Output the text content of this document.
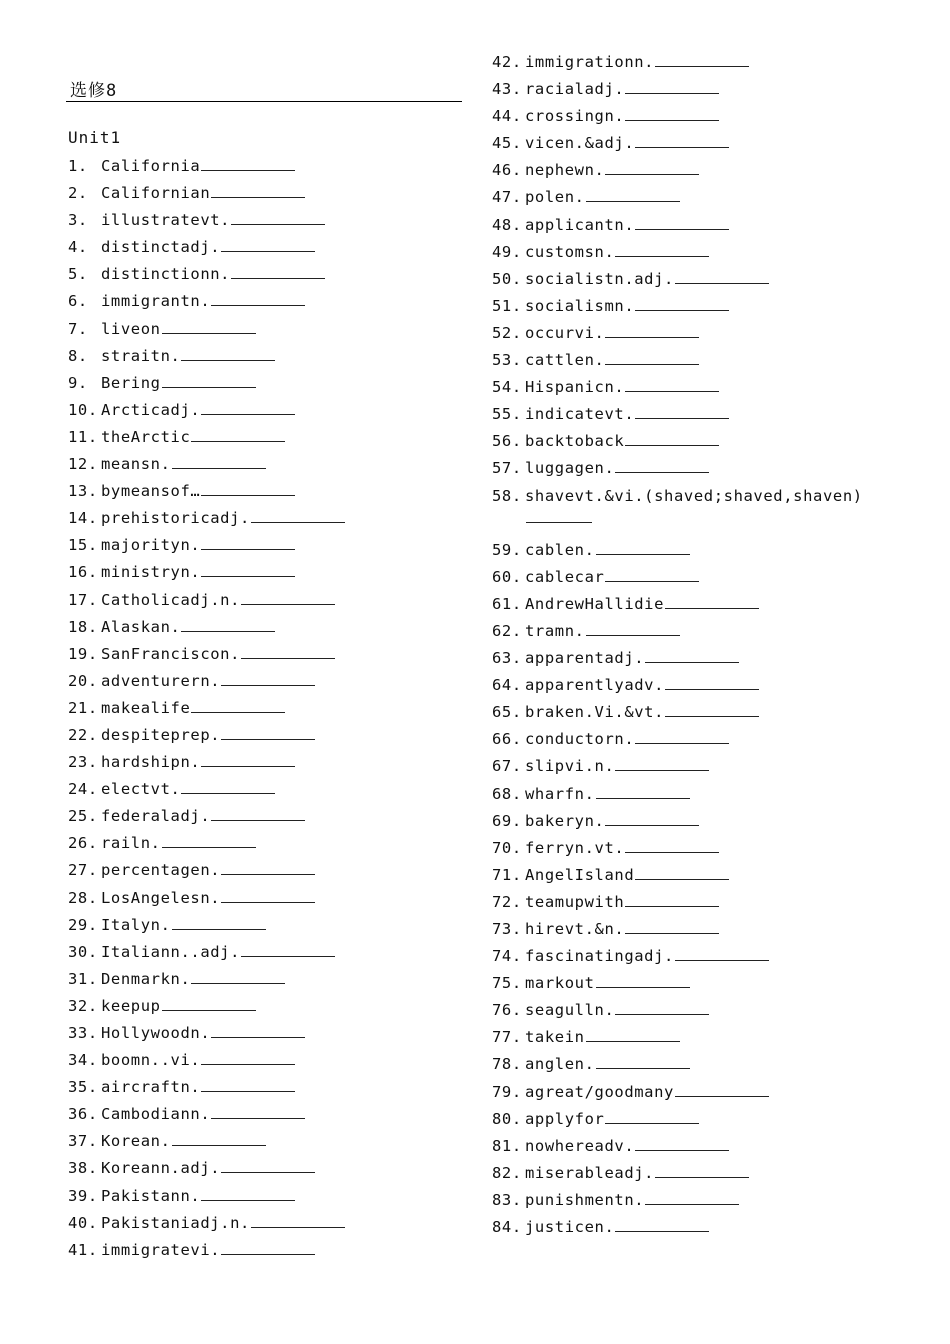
选修8
Unit1
1. California
2. Californian
3. illustratevt.
4. distinctadj.
5. distinctionn.
6. immigrantn.
7. liveon
8. straitn.
9. Bering
10. Arcticadj.
11. theArctic
12. meansn.
13. bymeansof…
14. prehistoricadj.
15. majorityn.
16. ministryn.
17. Catholicadj.n.
18. Alaskan.
19. SanFranciscon.
20. adventurern.
21. makealife
22. despiteprep.
23. hardshipn.
24. electvt.
25. federaladj.
26. railn.
27. percentagen.
28. LosAngelesn.
29. Italyn.
30. Italiann..adj.
31. Denmarkn.
32. keepup
33. Hollywoodn.
34. boomn..vi.
35. aircraftn.
36. Cambodiann.
37. Korean.
38. Koreann.adj.
39. Pakistann.
40. Pakistaniadj.n.
41. immigratevi.
42. immigrationn.
43. racialadj.
44. crossingn.
45. vicen.&adj.
46. nephewn.
47. polen.
48. applicantn.
49. customsn.
50. socialistn.adj.
51. socialismn.
52. occurvi.
53. cattlen.
54. Hispanicn.
55. indicatevt.
56. backtoback
57. luggagen.
58. shavevt.&vi.(shaved;shaved,shaven)
59. cablen.
60. cablecar
61. AndrewHallidie
62. tramn.
63. apparentadj.
64. apparentlyadv.
65. braken.Vi.&vt.
66. conductorn.
67. slipvi.n.
68. wharfn.
69. bakeryn.
70. ferryn.vt.
71. AngelIsland
72. teamupwith
73. hirevt.&n.
74. fascinatingadj.
75. markout
76. seagulln.
77. takein
78. anglen.
79. agreat/goodmany
80. applyfor
81. nowhereadv.
82. miserableadj.
83. punishmentn.
84. justicen.
